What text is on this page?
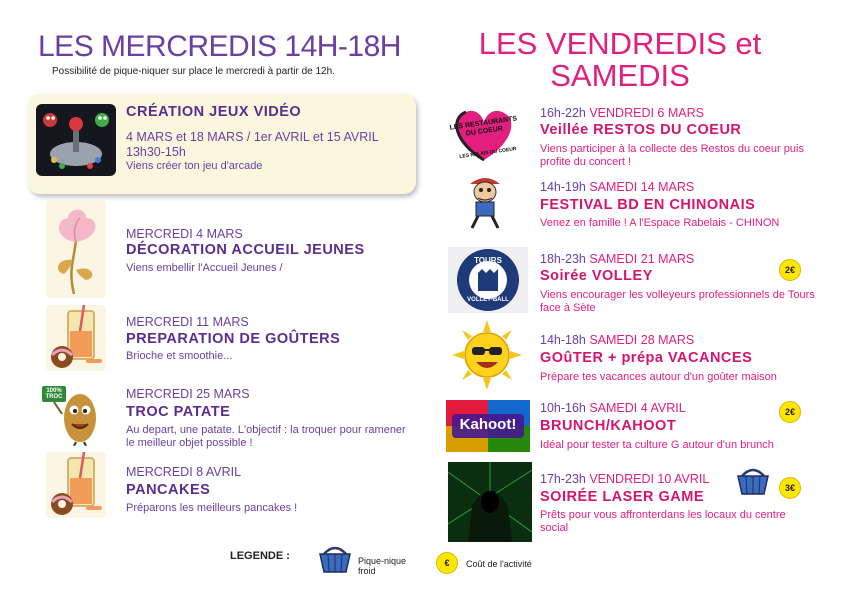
LES MERCREDIS 14H-18H
Possibilité de pique-niquer sur place le mercredi à partir de 12h.
CRÉATION JEUX VIDÉO
4 MARS et 18 MARS / 1er AVRIL et 15 AVRIL
13h30-15h
Viens créer ton jeu d'arcade
MERCREDI 4 MARS
DÉCORATION ACCUEIL JEUNES
Viens embellir l'Accueil Jeunes /
MERCREDI 11 MARS
PREPARATION DE GOÛTERS
Brioche et smoothie...
100% TROC	MERCREDI 25 MARS
TROC PATATE
Au depart, une patate. L'objectif : la troquer pour ramener le meilleur objet possible !
MERCREDI 8 AVRIL
PANCAKES
Préparons les meilleurs pancakes !
LEGENDE :	Pique-nique froid
€	Coût de l'activité
LES VENDREDIS et SAMEDIS
LES RESTAURANTS DU COEUR
LES RELAIS DU COEUR
16h-22h VENDREDI 6 MARS
Veillée RESTOS DU COEUR
Viens participer à la collecte des Restos du coeur puis profite du concert !
14h-19h SAMEDI 14 MARS
FESTIVAL BD EN CHINONAIS
Venez en famille ! A l'Espace Rabelais - CHINON
TOURS
VOLLEY-BALL
18h-23h SAMEDI 21 MARS
2€
Soirée VOLLEY
Viens encourager les volleyeurs professionnels de Tours face à Sète
14h-18h SAMEDI 28 MARS
GOûTER + prépa VACANCES
Prépare tes vacances autour d'un goûter maison
Kahoot!
10h-16h SAMEDI 4 AVRIL	2€
BRUNCH/KAHOOT
Idéal pour tester ta culture G autour d'un brunch
17h-23h VENDREDI 10 AVRIL
3€
SOIRÉE LASER GAME
Prêts pour vous affronterdans les locaux du centre social
